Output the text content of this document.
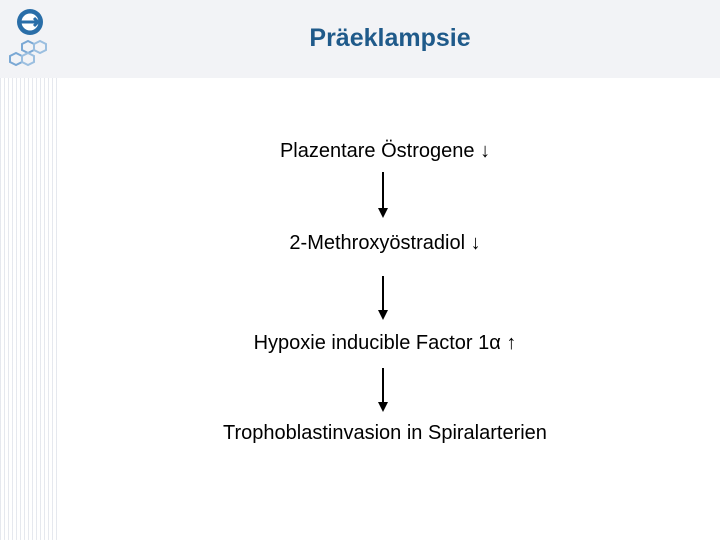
Präeklampsie
Plazentare Östrogene ↓
2-Methroxyöstradiol ↓
Hypoxie inducible Factor 1α ↑
Trophoblastinvasion in Spiralarterien
